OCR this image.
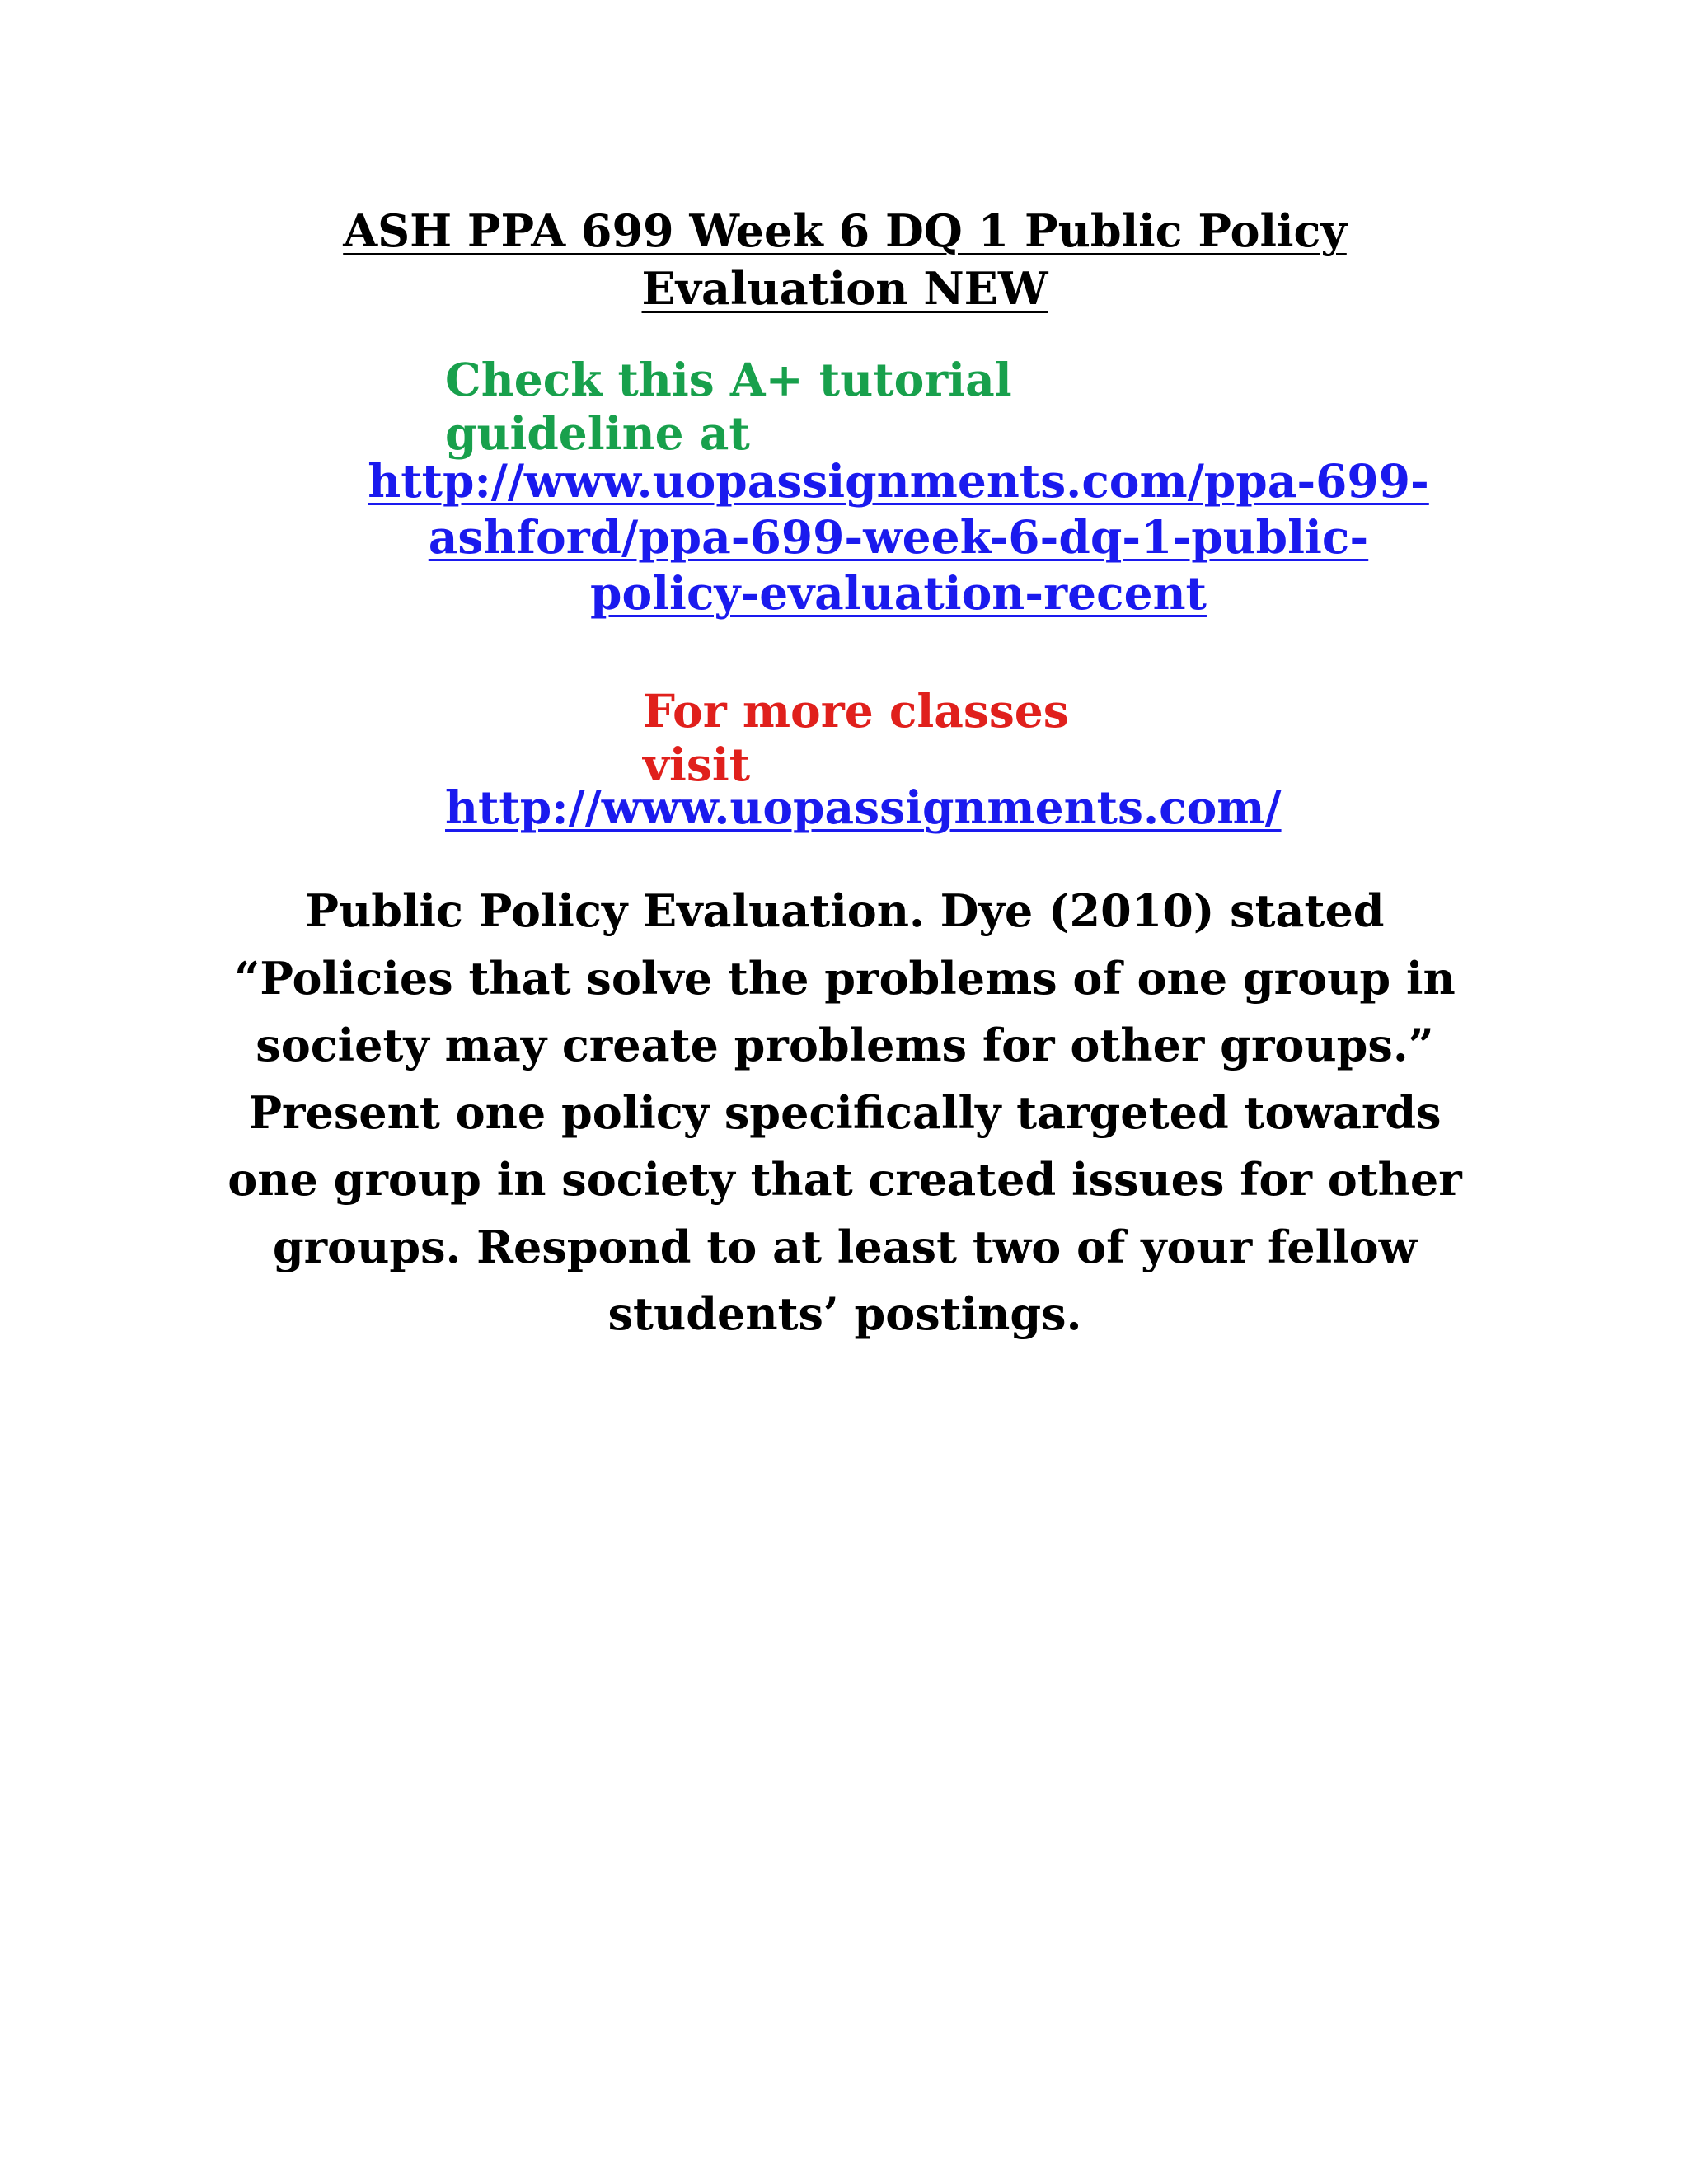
ASH PPA 699 Week 6 DQ 1 Public Policy Evaluation NEW
Check this A+ tutorial guideline at
http://www.uopassignments.com/ppa-699-ashford/ppa-699-week-6-dq-1-public-policy-evaluation-recent
For more classes visit
http://www.uopassignments.com/
Public Policy Evaluation. Dye (2010) stated “Policies that solve the problems of one group in society may create problems for other groups.” Present one policy specifically targeted towards one group in society that created issues for other groups. Respond to at least two of your fellow students’ postings.
